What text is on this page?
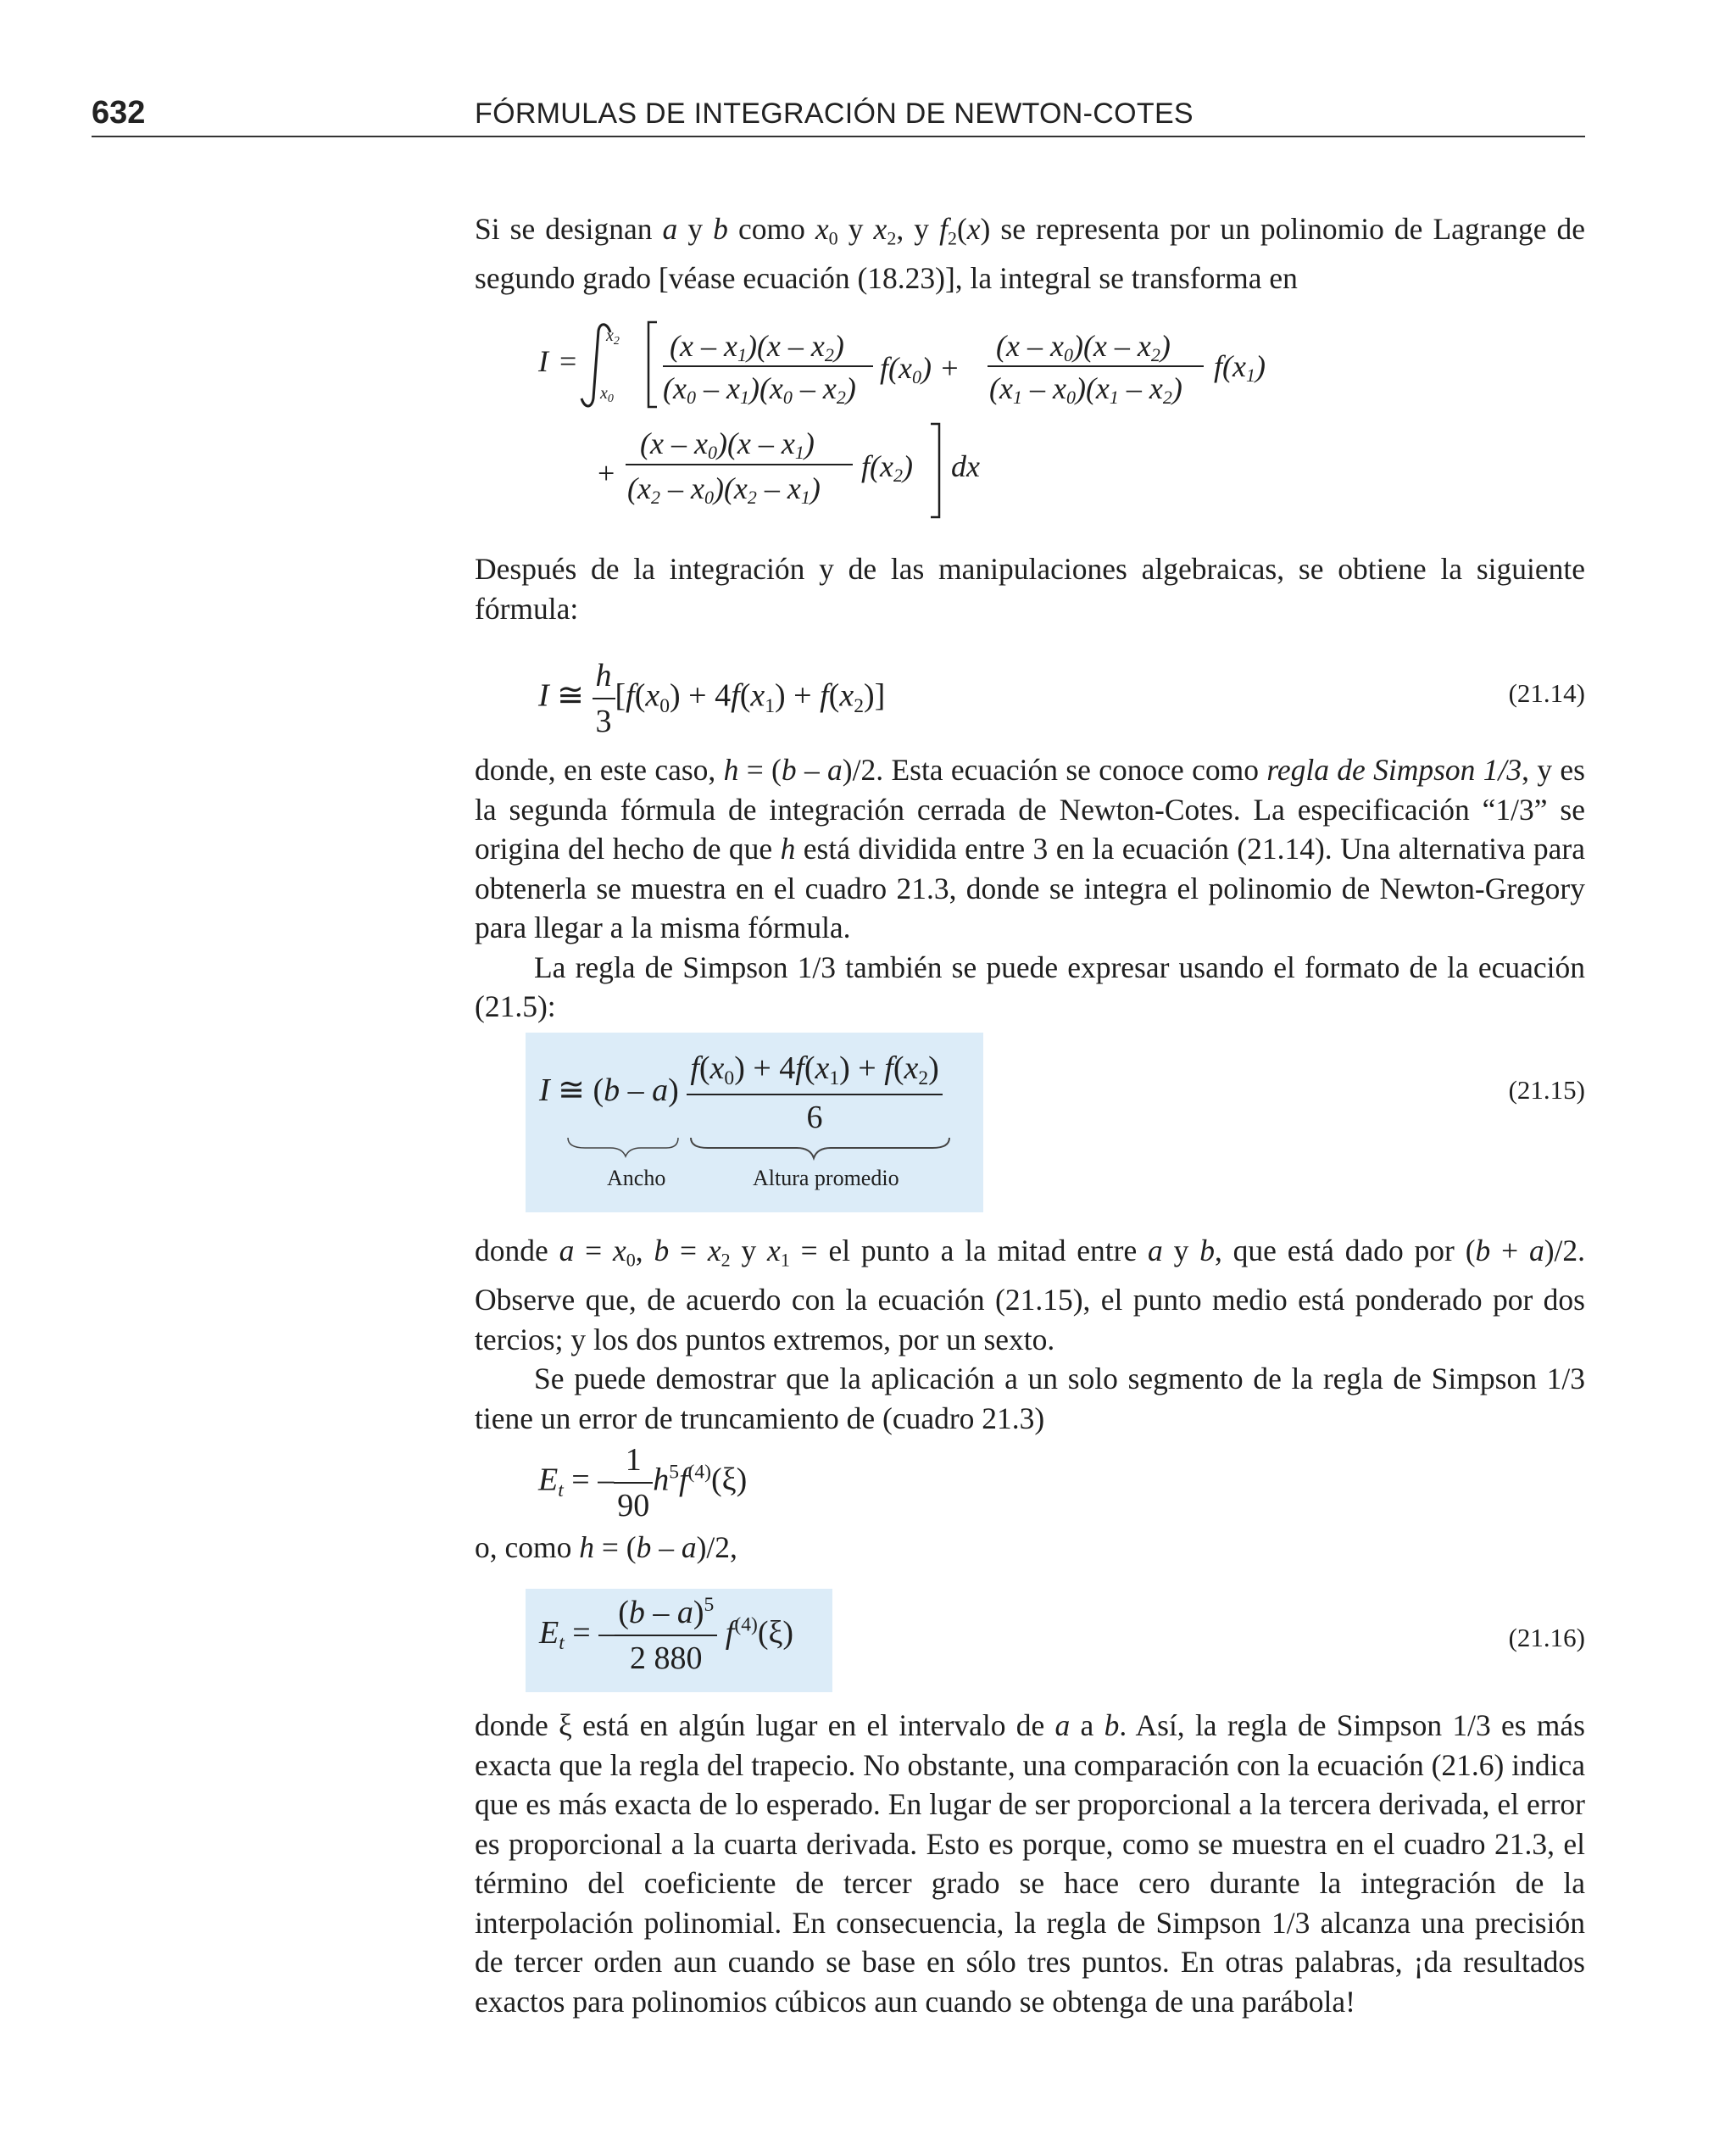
632	FÓRMULAS DE INTEGRACIÓN DE NEWTON-COTES

Si se designan a y b como $x_0$ y $x_2$, y $f_2(x)$ se representa por un polinomio de Lagrange de segundo grado [véase ecuación (18.23)], la integral se transforma en

I =
$x_2$
$x_0$
(x – x1)(x – x2)
(x0 – x1)(x0 – x2)
f(x0) +
(x – x0)(x – x2)
(x1 – x0)(x1 – x2)
f(x1)
+
(x – x0)(x – x1)
(x2 – x0)(x2 – x1)
f(x2) dx
Después de la integración y de las manipulaciones algebraicas, se obtiene la siguiente fórmula:
I ≅ $\frac{h}{3} [f(x_0) + 4f(x_1) + f(x_2)]$	(21.14)

donde, en este caso, h = (b – a)/2. Esta ecuación se conoce como regla de Simpson 1/3, y es la segunda fórmula de integración cerrada de Newton-Cotes. La especificación “1/3” se origina del hecho de que h está dividida entre 3 en la ecuación (21.14). Una alternativa para obtenerla se muestra en el cuadro 21.3, donde se integra el polinomio de Newton-Gregory para llegar a la misma fórmula.

La regla de Simpson 1/3 también se puede expresar usando el formato de la ecuación (21.5):

I ≅ $(b - a) \frac{f(x_0) + 4f(x_1) + f(x_2)}{6}$
Ancho	Altura promedio
(21.15)

donde $a = x_0$, $b = x_2$ y $x_1$ = el punto a la mitad entre a y b, que está dado por (b + a)/2. Observe que, de acuerdo con la ecuación (21.15), el punto medio está ponderado por dos tercios; y los dos puntos extremos, por un sexto.

Se puede demostrar que la aplicación a un solo segmento de la regla de Simpson 1/3 tiene un error de truncamiento de (cuadro 21.3)

$E_t$ = – $\frac{1}{90} h^5f^{(4)}(\xi)$

o, como h = (b – a)/2,

$E_t$ = – $\frac{(b - a)^5}{2 880} f^{(4)}(\xi)$	(21.16)

donde ξ está en algún lugar en el intervalo de a a b. Así, la regla de Simpson 1/3 es más exacta que la regla del trapecio. No obstante, una comparación con la ecuación (21.6) indica que es más exacta de lo esperado. En lugar de ser proporcional a la tercera derivada, el error es proporcional a la cuarta derivada. Esto es porque, como se muestra en el cuadro 21.3, el término del coeficiente de tercer grado se hace cero durante la integración de la interpolación polinomial. En consecuencia, la regla de Simpson 1/3 alcanza una precisión de tercer orden aun cuando se base en sólo tres puntos. En otras palabras, ¡da resultados exactos para polinomios cúbicos aun cuando se obtenga de una parábola!
